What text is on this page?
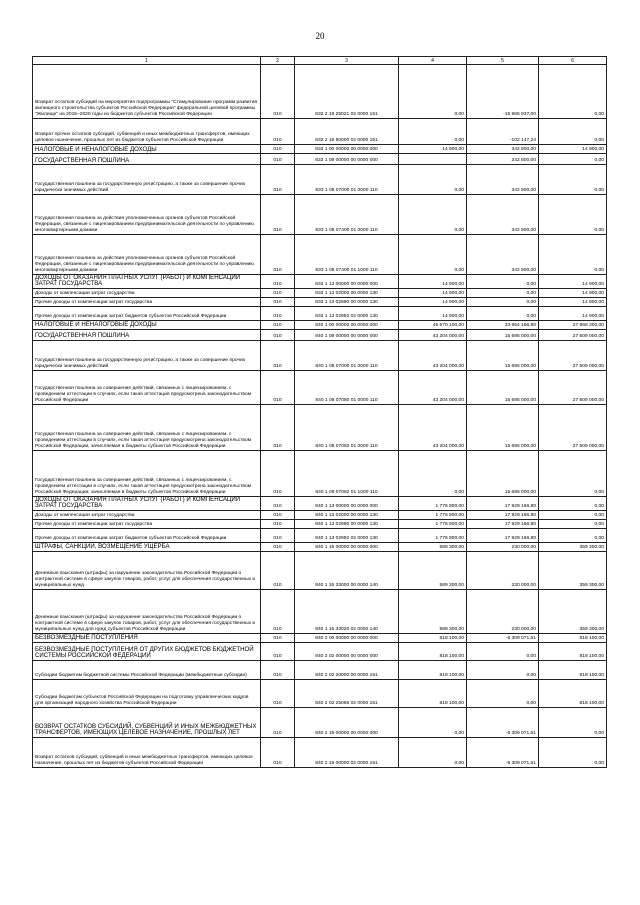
20
1	2	3	4	5	6
Возврат остатков субсидий на мероприятия подпрограммы "Стимулирование программ развития жилищного строительства субъектов Российской Федерации" федеральной целевой программы "Жилище" на 2015–2020 годы из бюджетов субъектов Российской Федерации	010	832 2 19 25021 02 0000 151	0,00	-15 965 937,00	0,00
Возврат прочих остатков субсидий, субвенций и иных межбюджетных трансфертов, имеющих целевое назначение, прошлых лет из бюджетов субъектов Российской Федерации	010	832 2 19 90000 02 0000 151	0,00	-102 147,24	0,00
НАЛОГОВЫЕ И НЕНАЛОГОВЫЕ ДОХОДЫ	010	833 1 00 00000 00 0000 000	14 900,00	342 800,00	14 900,00
ГОСУДАРСТВЕННАЯ ПОШЛИНА	010	833 1 08 00000 00 0000 000		342 800,00	0,00
Государственная пошлина за государственную регистрацию, а также за совершение прочих юридически значимых действий	010	833 1 08 07000 01 0000 110	0,00	342 800,00	0,00
Государственная пошлина за действия уполномоченных органов субъектов Российской Федерации, связанные с лицензированием предпринимательской деятельности по управлению многоквартирными домами	010	833 1 08 07400 01 0000 110	0,00	342 800,00	0,00
Государственная пошлина за действия уполномоченных органов субъектов Российской Федерации, связанные с лицензированием предпринимательской деятельности по управлению многоквартирными домами	010	833 1 08 07400 01 1000 110	0,00	342 800,00	0,00
ДОХОДЫ ОТ ОКАЗАНИЯ ПЛАТНЫХ УСЛУГ (РАБОТ) И КОМПЕНСАЦИИ ЗАТРАТ ГОСУДАРСТВА	010	833 1 13 00000 00 0000 000	14 900,00	0,00	14 900,00
Доходы от компенсации затрат государства	010	833 1 13 02000 00 0000 130	14 900,00	0,00	14 900,00
Прочие доходы от компенсации затрат государства	010	833 1 13 02990 00 0000 130	14 900,00	0,00	14 900,00
Прочие доходы от компенсации затрат бюджетов субъектов Российской Федерации	010	833 1 13 02992 02 0000 130	14 900,00	0,00	14 900,00
НАЛОГОВЫЕ И НЕНАЛОГОВЫЕ ДОХОДЫ	010	840 1 00 00000 00 0000 000	45 570 100,00	33 654 166,80	27 868 300,00
ГОСУДАРСТВЕННАЯ ПОШЛИНА	010	840 1 08 00000 00 0000 000	43 204 000,00	15 695 000,00	27 509 000,00
Государственная пошлина за государственную регистрацию, а также за совершение прочих юридически значимых действий	010	840 1 08 07000 01 0000 110	43 204 000,00	15 695 000,00	27 509 000,00
Государственная пошлина за совершение действий, связанных с лицензированием, с проведением аттестации в случаях, если такая аттестация предусмотрена законодательством Российской Федерации	010	840 1 08 07080 01 0000 110	43 204 000,00	15 695 000,00	27 509 000,00
Государственная пошлина за совершение действий, связанных с лицензированием, с проведением аттестации в случаях, если такая аттестация предусмотрена законодательством Российской Федерации, зачисляемая в бюджеты субъектов Российской Федерации	010	840 1 08 07082 01 0000 110	43 204 000,00	15 695 000,00	27 509 000,00
Государственная пошлина за совершение действий, связанных с лицензированием, с проведением аттестации в случаях, если такая аттестация предусмотрена законодательством Российской Федерации, зачисляемая в бюджеты субъектов Российской Федерации	010	840 1 08 07082 01 1000 110	0,00	15 695 000,00	0,00
ДОХОДЫ ОТ ОКАЗАНИЯ ПЛАТНЫХ УСЛУГ (РАБОТ) И КОМПЕНСАЦИИ ЗАТРАТ ГОСУДАРСТВА	010	840 1 13 00000 00 0000 000	1 776 800,00	17 929 166,80	0,00
Доходы от компенсации затрат государства	010	840 1 13 02000 00 0000 130	1 776 800,00	17 929 166,80	0,00
Прочие доходы от компенсации затрат государства	010	840 1 13 02990 00 0000 130	1 776 800,00	17 929 166,80	0,00
Прочие доходы от компенсации затрат бюджетов субъектов Российской Федерации	010	840 1 13 02992 02 0000 130	1 776 800,00	17 929 166,80	0,00
ШТРАФЫ, САНКЦИИ, ВОЗМЕЩЕНИЕ УЩЕРБА	010	840 1 16 00000 00 0000 000	589 300,00	230 000,00	359 300,00
Денежные взыскания (штрафы) за нарушение законодательства Российской Федерации о контрактной системе в сфере закупок товаров, работ, услуг для обеспечения государственных и муниципальных нужд	010	840 1 16 33000 00 0000 140	589 300,00	230 000,00	359 300,00
Денежные взыскания (штрафы) за нарушение законодательства Российской Федерации о контрактной системе в сфере закупок товаров, работ, услуг для обеспечения государственных и муниципальных нужд для нужд субъектов Российской Федерации	010	840 1 16 33020 02 0000 140	589 300,00	230 000,00	359 300,00
БЕЗВОЗМЕЗДНЫЕ ПОСТУПЛЕНИЯ	010	840 2 00 00000 00 0000 000	818 100,00	-5 309 071,61	818 100,00
БЕЗВОЗМЕЗДНЫЕ ПОСТУПЛЕНИЯ ОТ ДРУГИХ БЮДЖЕТОВ БЮДЖЕТНОЙ СИСТЕМЫ РОССИЙСКОЙ ФЕДЕРАЦИИ	010	840 2 02 00000 00 0000 000	818 100,00	0,00	818 100,00
Субсидии бюджетам бюджетной системы Российской Федерации (межбюджетные субсидии)	010	840 2 02 20000 00 0000 151	818 100,00	0,00	818 100,00
Субсидии бюджетам субъектов Российской Федерации на подготовку управленческих кадров для организаций народного хозяйства Российской Федерации	010	840 2 02 25066 02 0000 151	818 100,00	0,00	818 100,00
ВОЗВРАТ ОСТАТКОВ СУБСИДИЙ, СУБВЕНЦИЙ И ИНЫХ МЕЖБЮДЖЕТНЫХ ТРАНСФЕРТОВ, ИМЕЮЩИХ ЦЕЛЕВОЕ НАЗНАЧЕНИЕ, ПРОШЛЫХ ЛЕТ	010	840 2 19 00000 00 0000 000	0,00	-5 309 071,61	0,00
Возврат остатков субсидий, субвенций и иных межбюджетных трансфертов, имеющих целевое назначение, прошлых лет из бюджетов субъектов Российской Федерации	010	840 2 19 00000 02 0000 151	0,00	-5 309 071,61	0,00
